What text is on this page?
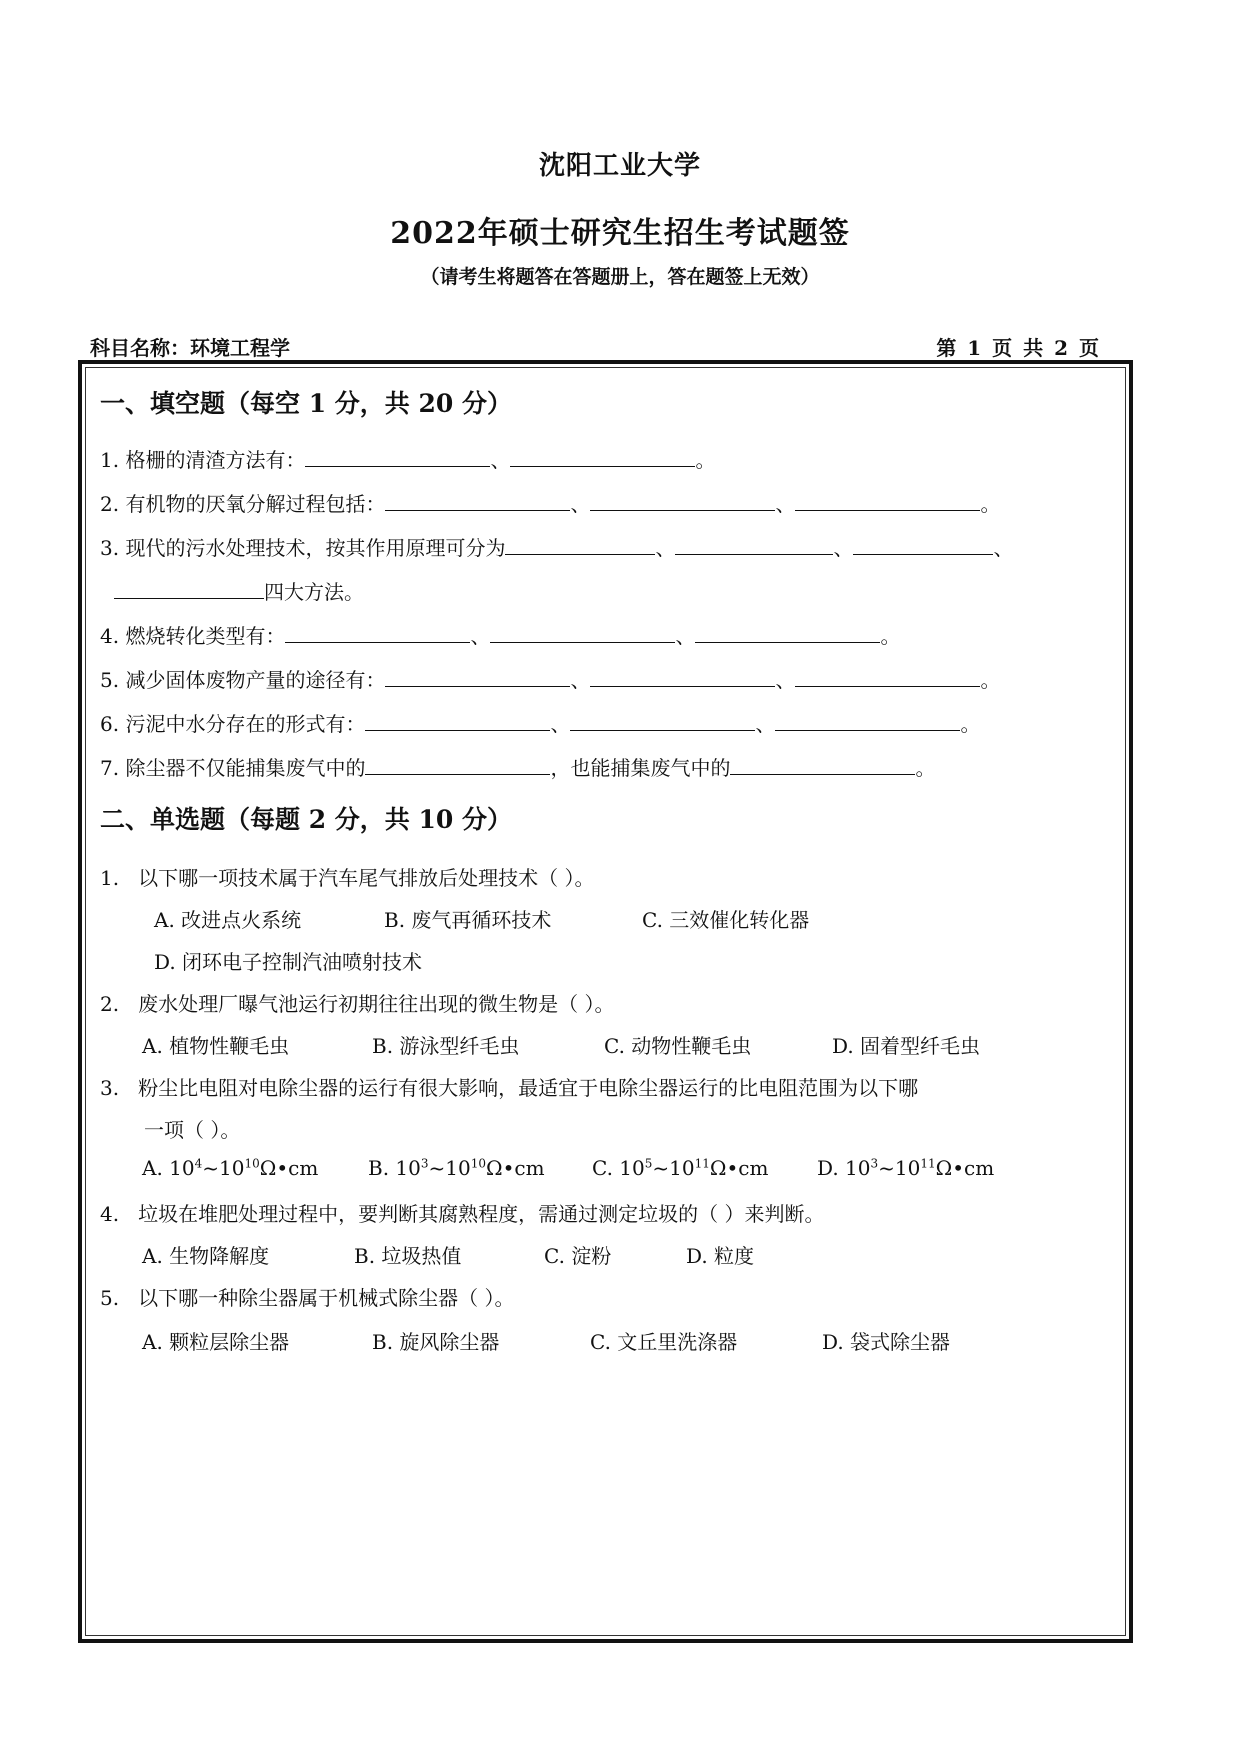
沈阳工业大学
2022年硕士研究生招生考试题签
（请考生将题答在答题册上，答在题签上无效）
科目名称：环境工程学	第 1 页 共 2 页
一、填空题（每空 1 分，共 20 分）
1. 格栅的清渣方法有：	、	。
2. 有机物的厌氧分解过程包括：	、	、	。
3. 现代的污水处理技术，按其作用原理可分为	、	、	、
四大方法。
4. 燃烧转化类型有：	、	、	。
5. 减少固体废物产量的途径有：	、	、	。
6. 污泥中水分存在的形式有：	、	、	。
7. 除尘器不仅能捕集废气中的	，也能捕集废气中的	。
二、单选题（每题 2 分，共 10 分）
1. 以下哪一项技术属于汽车尾气排放后处理技术（ ）。
A. 改进点火系统	B. 废气再循环技术	C. 三效催化转化器
D. 闭环电子控制汽油喷射技术
2. 废水处理厂曝气池运行初期往往出现的微生物是（ ）。
A. 植物性鞭毛虫	B. 游泳型纤毛虫	C. 动物性鞭毛虫	D. 固着型纤毛虫
3. 粉尘比电阻对电除尘器的运行有很大影响，最适宜于电除尘器运行的比电阻范围为以下哪
一项（ ）。
A. $10^4\sim 10^{10}\Omega•cm$ B. $10^3\sim 10^{10}\Omega•cm$ C. $10^5\sim 10^{11}\Omega•cm$ D. $10^3\sim 10^{11}\Omega•cm$
4. 垃圾在堆肥处理过程中，要判断其腐熟程度，需通过测定垃圾的（ ）来判断。
A. 生物降解度	B. 垃圾热值	C. 淀粉	D. 粒度
5. 以下哪一种除尘器属于机械式除尘器（ ）。
A. 颗粒层除尘器	B. 旋风除尘器	C. 文丘里洗涤器	D. 袋式除尘器
